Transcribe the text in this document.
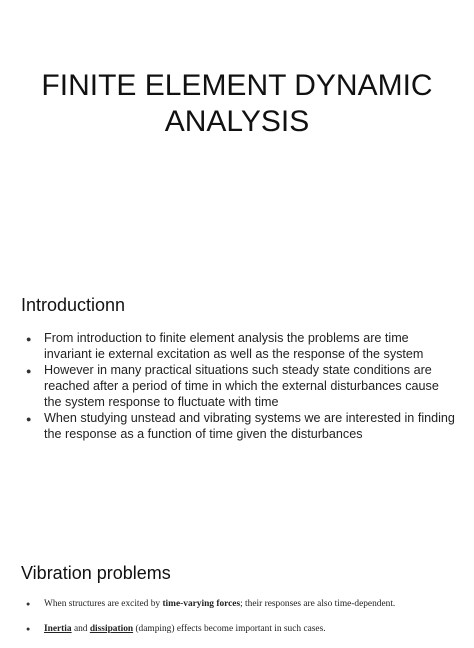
FINITE ELEMENT DYNAMIC
ANALYSIS
Introductionn
● From introduction to finite element analysis the problems are time invariant ie external excitation as well as the response of the system
● However in many practical situations such steady state conditions are reached after a period of time in which the external disturbances cause the system response to fluctuate with time
● When studying unstead and vibrating systems we are interested in finding the response as a function of time given the disturbances
Vibration problems
● When structures are excited by time-varying forces; their responses are also time-dependent.
● Inertia and dissipation (damping) effects become important in such cases.
